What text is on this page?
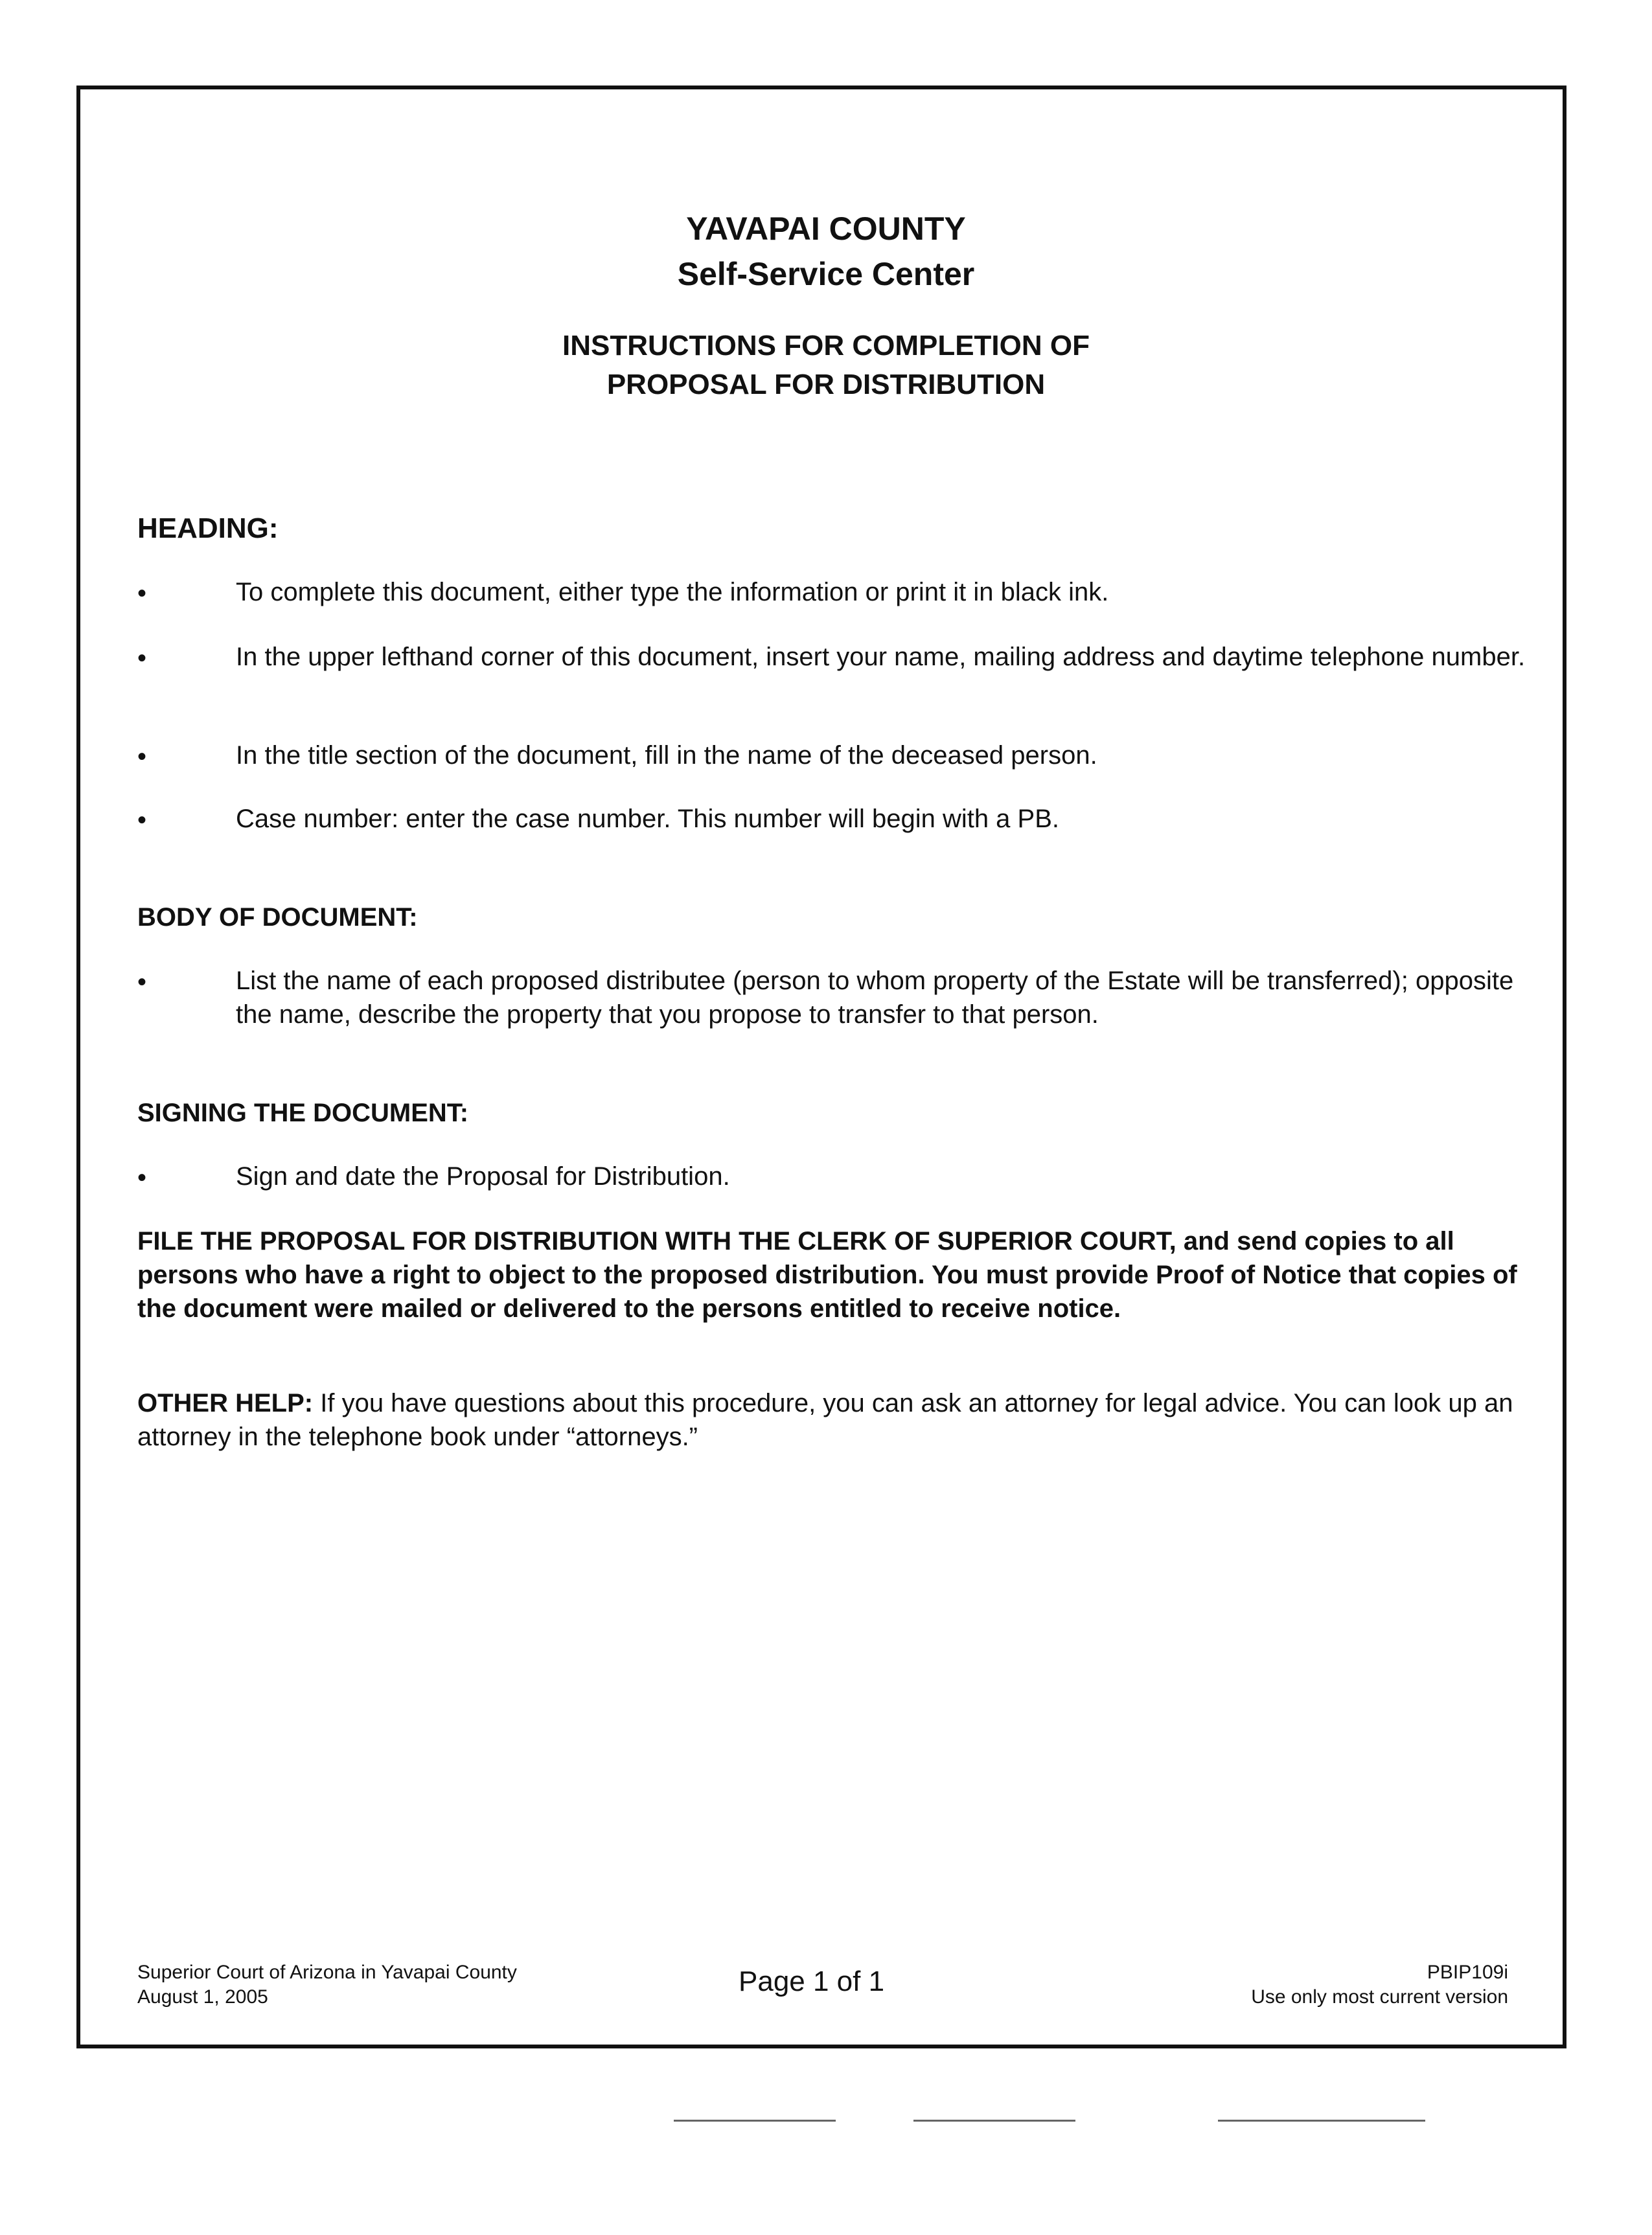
YAVAPAI COUNTY
Self-Service Center
INSTRUCTIONS FOR COMPLETION OF
PROPOSAL FOR DISTRIBUTION
HEADING:
•	To complete this document, either type the information or print it in black ink.
•	In the upper lefthand corner of this document, insert your name, mailing address and daytime telephone number.
•	In the title section of the document, fill in the name of the deceased person.
•	Case number: enter the case number. This number will begin with a PB.
BODY OF DOCUMENT:
•	List the name of each proposed distributee (person to whom property of the Estate will be transferred); opposite the name, describe the property that you propose to transfer to that person.
SIGNING THE DOCUMENT:
•	Sign and date the Proposal for Distribution.
FILE THE PROPOSAL FOR DISTRIBUTION WITH THE CLERK OF SUPERIOR COURT, and send copies to all persons who have a right to object to the proposed distribution. You must provide Proof of Notice that copies of the document were mailed or delivered to the persons entitled to receive notice.
OTHER HELP: If you have questions about this procedure, you can ask an attorney for legal advice. You can look up an attorney in the telephone book under “attorneys.”
Superior Court of Arizona in Yavapai County
August 1, 2005	Page 1 of 1	PBIP109i
Use only most current version
